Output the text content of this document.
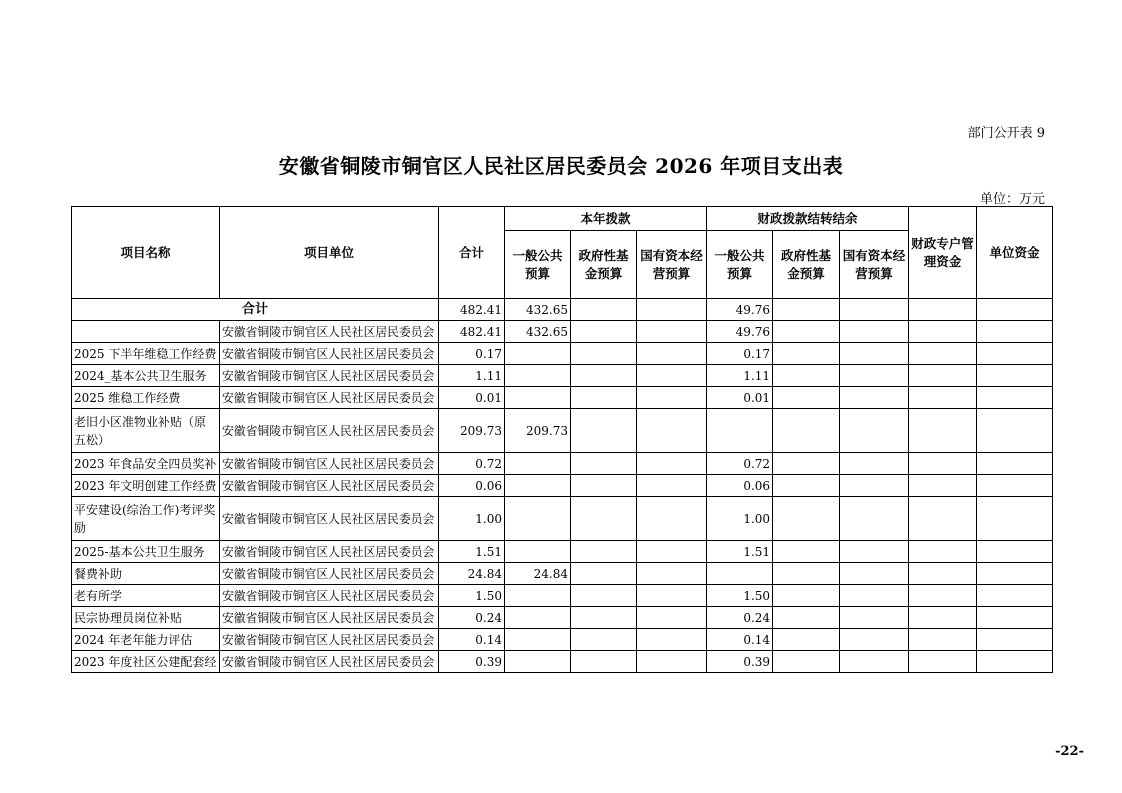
部门公开表 9
安徽省铜陵市铜官区人民社区居民委员会 2026 年项目支出表
单位：万元
项目名称	项目单位	合计	本年拨款			财政拨款结转结余			财政专户管理资金	单位资金
			一般公共预算	政府性基金预算	国有资本经营预算	一般公共预算	政府性基金预算	国有资本经营预算		
合计		482.41	432.65			49.76				
	安徽省铜陵市铜官区人民社区居民委员会	482.41	432.65			49.76				
2025 下半年维稳工作经费	安徽省铜陵市铜官区人民社区居民委员会	0.17				0.17				
2024_基本公共卫生服务	安徽省铜陵市铜官区人民社区居民委员会	1.11				1.11				
2025 维稳工作经费	安徽省铜陵市铜官区人民社区居民委员会	0.01				0.01				
老旧小区准物业补贴（原五松）	安徽省铜陵市铜官区人民社区居民委员会	209.73	209.73							
2023 年食品安全四员奖补	安徽省铜陵市铜官区人民社区居民委员会	0.72				0.72				
2023 年文明创建工作经费	安徽省铜陵市铜官区人民社区居民委员会	0.06				0.06				
平安建设(综治工作)考评奖励	安徽省铜陵市铜官区人民社区居民委员会	1.00				1.00				
2025-基本公共卫生服务	安徽省铜陵市铜官区人民社区居民委员会	1.51				1.51				
餐费补助	安徽省铜陵市铜官区人民社区居民委员会	24.84	24.84							
老有所学	安徽省铜陵市铜官区人民社区居民委员会	1.50				1.50				
民宗协理员岗位补贴	安徽省铜陵市铜官区人民社区居民委员会	0.24				0.24				
2024 年老年能力评估	安徽省铜陵市铜官区人民社区居民委员会	0.14				0.14				
2023 年度社区公建配套经	安徽省铜陵市铜官区人民社区居民委员会	0.39				0.39				
-22-
